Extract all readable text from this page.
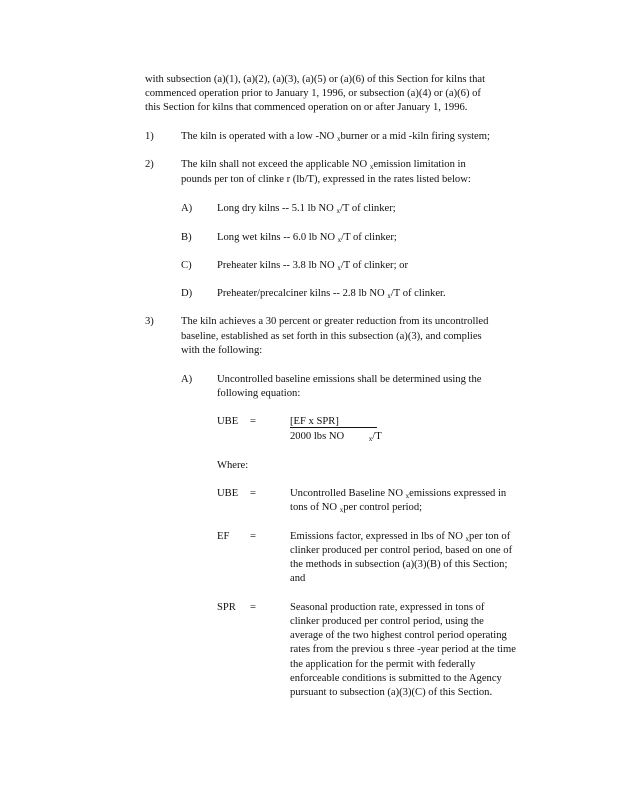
with subsection (a)(1), (a)(2), (a)(3), (a)(5) or (a)(6) of this Section for kilns that
commenced operation prior to January 1, 1996, or subsection (a)(4) or (a)(6) of
this Section for kilns that commenced operation on or after January 1, 1996.
1)	The kiln is operated with a low -NO $_x$burner or a mid -kiln firing system;
2)	The kiln shall not exceed the applicable NO $_x$emission limitation in
pounds per ton of clinke r (lb/T), expressed in the rates listed below:
A) Long dry kilns -- 5.1 lb NO $_x$/T of clinker;
B) Long wet kilns -- 6.0 lb NO $_x$/T of clinker;
C) Preheater kilns -- 3.8 lb NO $_x$/T of clinker; or
D) Preheater/precalciner kilns -- 2.8 lb NO $_x$/T of clinker.
3)	The kiln achieves a 30 percent or greater reduction from its uncontrolled
baseline, established as set forth in this subsection (a)(3), and complies
with the following:
A) Uncontrolled baseline emissions shall be determined using the
following equation:
UBE =	[EF x SPR]
2000 lbs NO	$_x$/T
Where:
UBE =	Uncontrolled Baseline NO $_x$emissions expressed in
tons of NO $_x$per control period;
EF =	Emissions factor, expressed in lbs of NO $_x$per ton of
clinker produced per control period, based on one of
the methods in subsection (a)(3)(B) of this Section;
and
SPR =	Seasonal production rate, expressed in tons of
clinker produced per control period, using the
average of the two highest control period operating
rates from the previou s three -year period at the time
the application for the permit with federally
enforceable conditions is submitted to the Agency
pursuant to subsection (a)(3)(C) of this Section.
